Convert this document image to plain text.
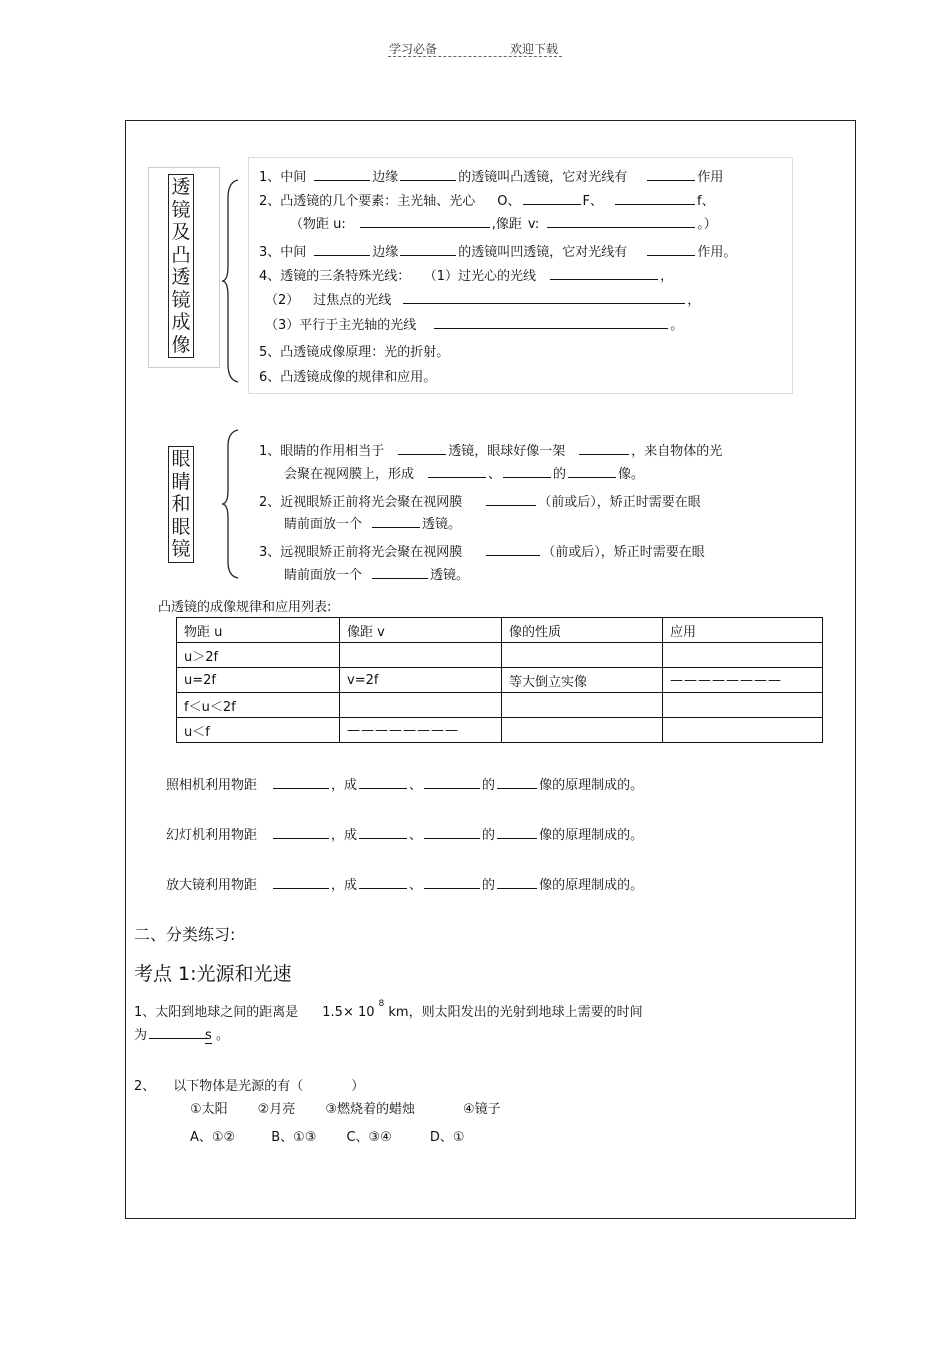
学习必备	欢迎下载
透
镜
及
凸
透
镜
成
像
1、中间	边缘	的透镜叫凸透镜，它对光线有	作用
2、凸透镜的几个要素：主光轴、光心 O、	F、	f、
（物距 u:	,像距 v:	。）
3、中间	边缘	的透镜叫凹透镜，它对光线有	作用。
4、透镜的三条特殊光线： （1）过光心的光线	，
（2） 过焦点的光线	，
（3）平行于主光轴的光线	。
5、凸透镜成像原理：光的折射。
6、凸透镜成像的规律和应用。
眼
睛
和
眼
镜
1、眼睛的作用相当于	透镜，眼球好像一架	，来自物体的光
会聚在视网膜上，形成	、	的	像。
2、近视眼矫正前将光会聚在视网膜	（前或后），矫正时需要在眼
睛前面放一个	透镜。
3、远视眼矫正前将光会聚在视网膜	（前或后），矫正时需要在眼
睛前面放一个	透镜。
凸透镜的成像规律和应用列表:
物距 u	像距 v	像的性质	应用
u＞2f			
u=2f	v=2f	等大倒立实像	————————
f＜u＜2f			
u＜f	————————		
照相机利用物距	，成	、	的	像的原理制成的。
幻灯机利用物距	，成	、	的	像的原理制成的。
放大镜利用物距	，成	、	的	像的原理制成的。
二、分类练习:
考点 1:光源和光速
1、太阳到地球之间的距离是 $1.5\times 10^8$ km，则太阳发出的光射到地球上需要的时间
为	s 。
2、 以下物体是光源的有（	）
①太阳 ②月亮 ③燃烧着的蜡烛	④镜子
A、①②	B、①③ C、③④	D、①
